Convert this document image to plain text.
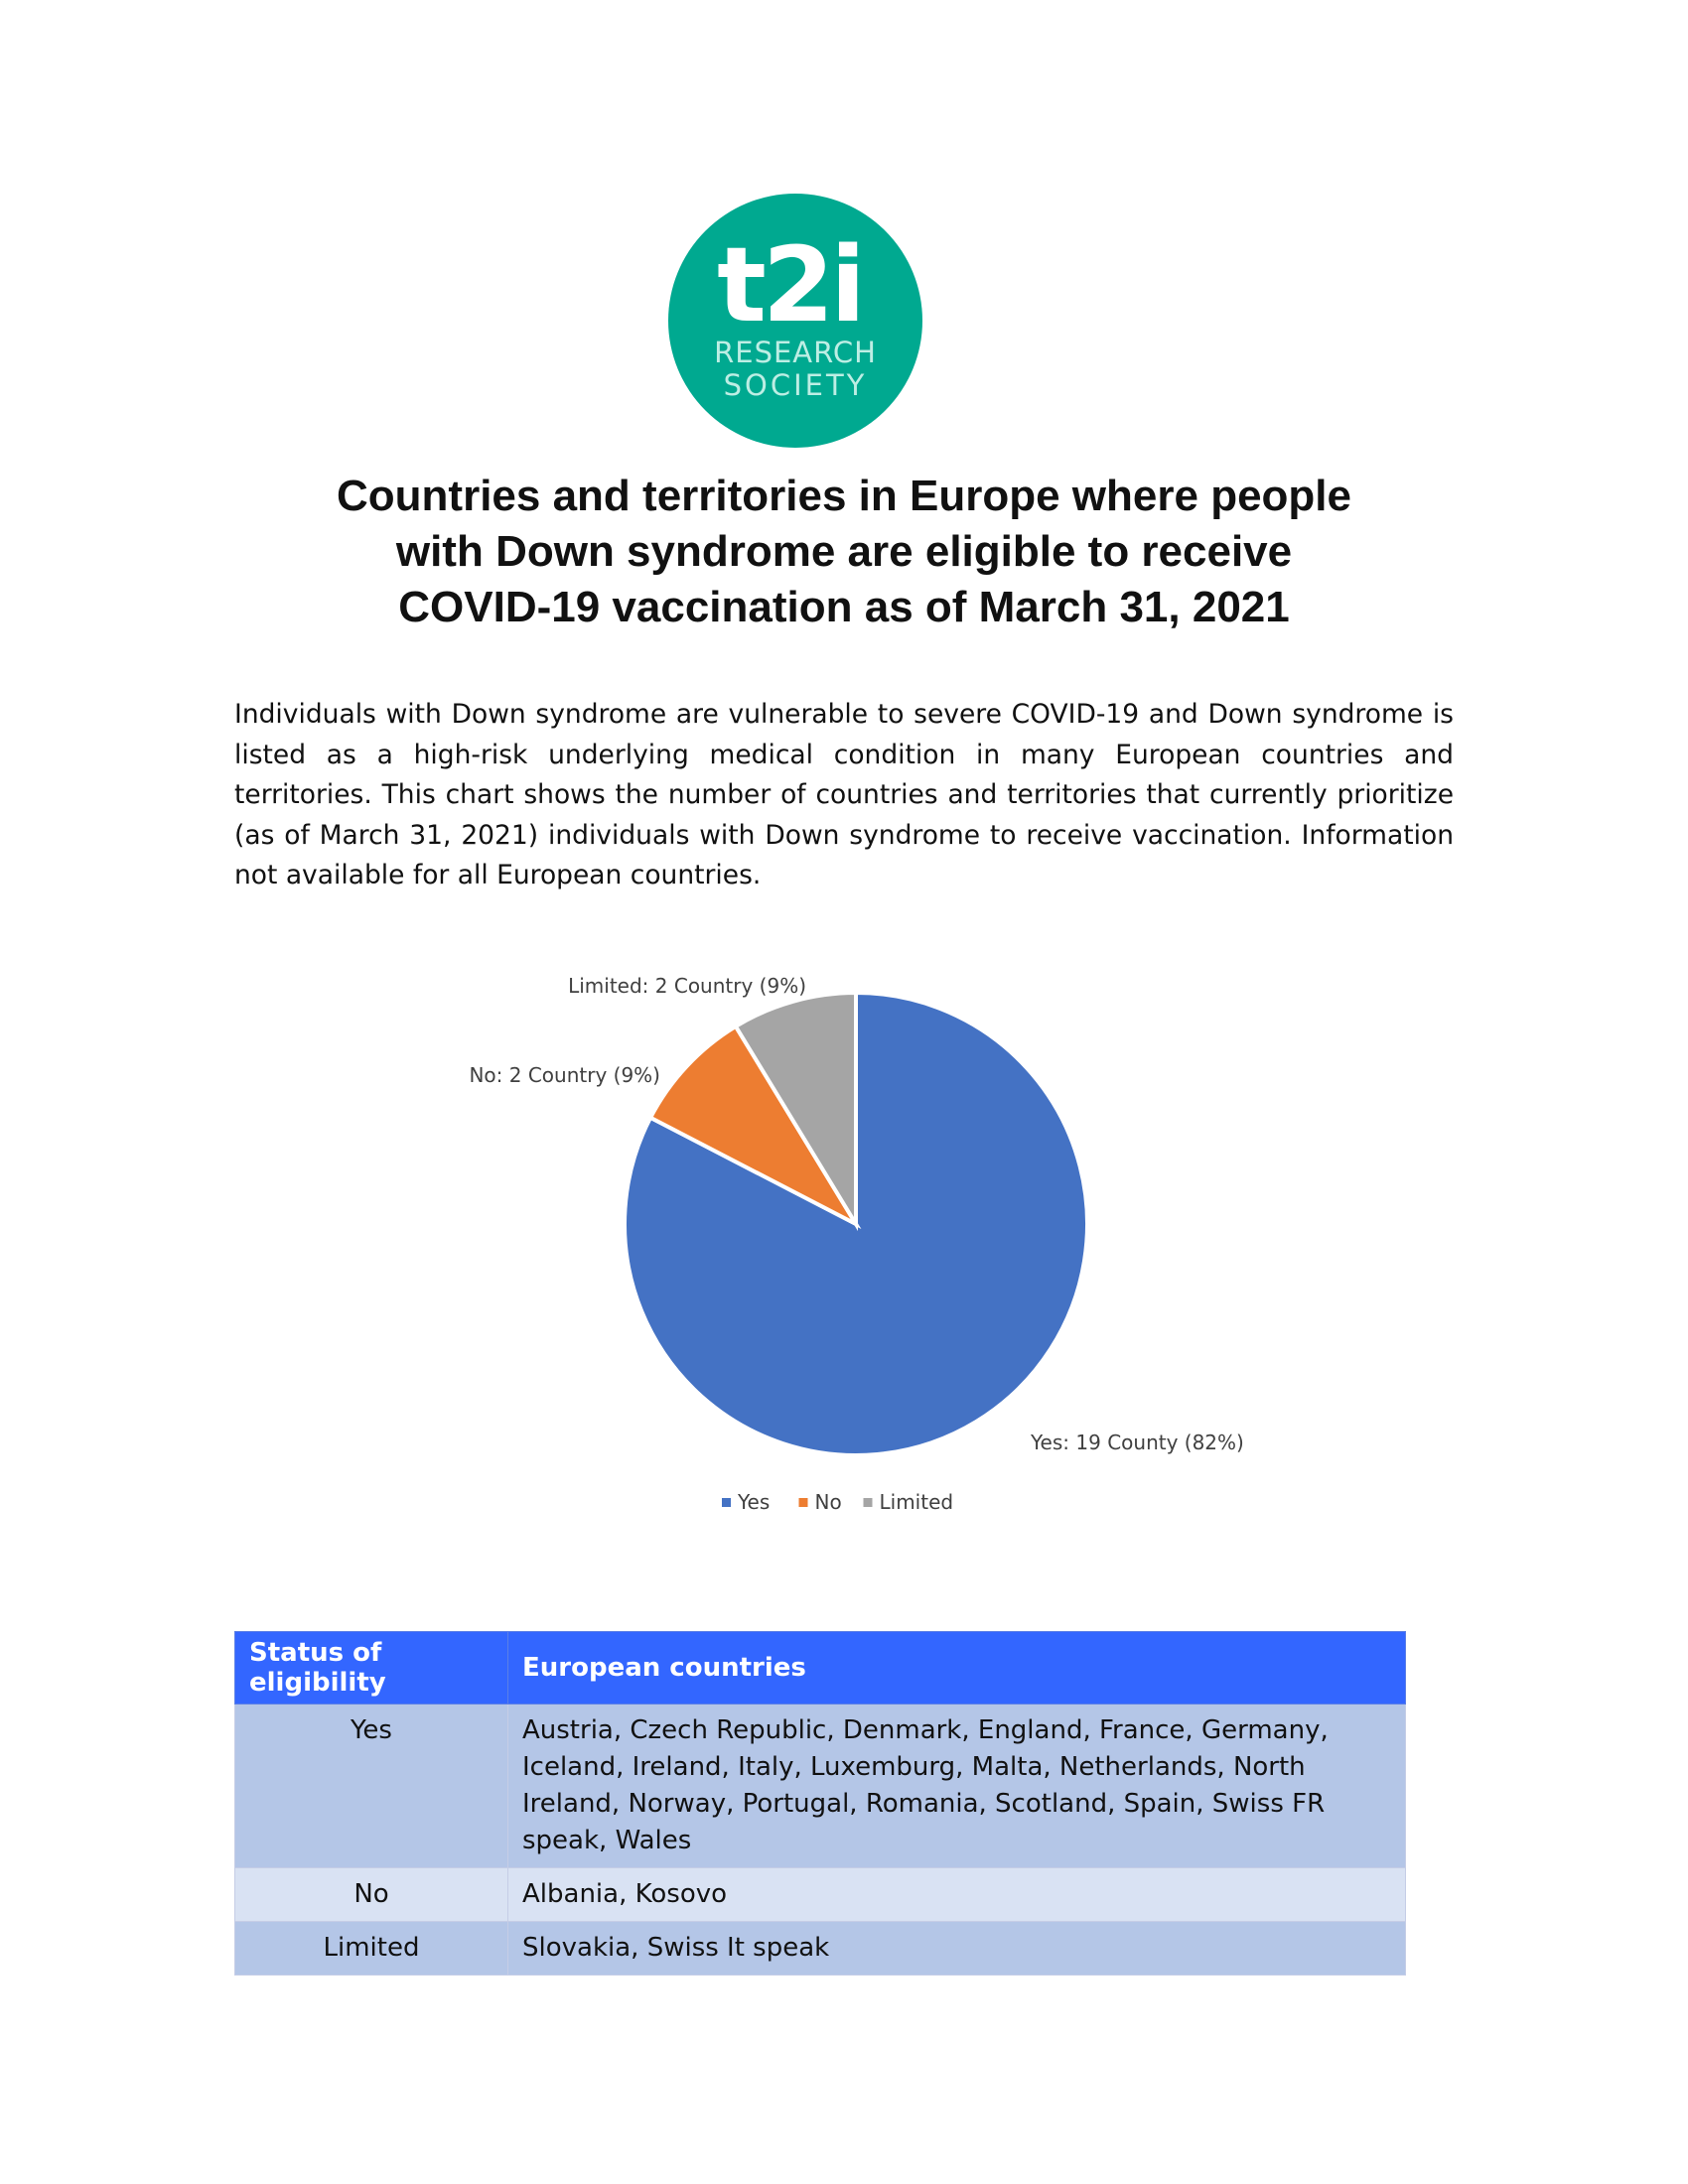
t2i
RESEARCH
SOCIETY
Countries and territories in Europe where people
with Down syndrome are eligible to receive
COVID-19 vaccination as of March 31, 2021

Individuals with Down syndrome are vulnerable to severe COVID-19 and Down syndrome is listed as a high-risk underlying medical condition in many European countries and territories. This chart shows the number of countries and territories that currently prioritize (as of March 31, 2021) individuals with Down syndrome to receive vaccination. Information not available for all European countries.

Yes: 19 County (82%)
No: 2 Country (9%)
Limited: 2 Country (9%)
Yes No Limited
Status of eligibility	European countries
Yes	Austria, Czech Republic, Denmark, England, France, Germany, Iceland, Ireland, Italy, Luxemburg, Malta, Netherlands, North Ireland, Norway, Portugal, Romania, Scotland, Spain, Swiss FR speak, Wales
No	Albania, Kosovo
Limited	Slovakia, Swiss It speak
